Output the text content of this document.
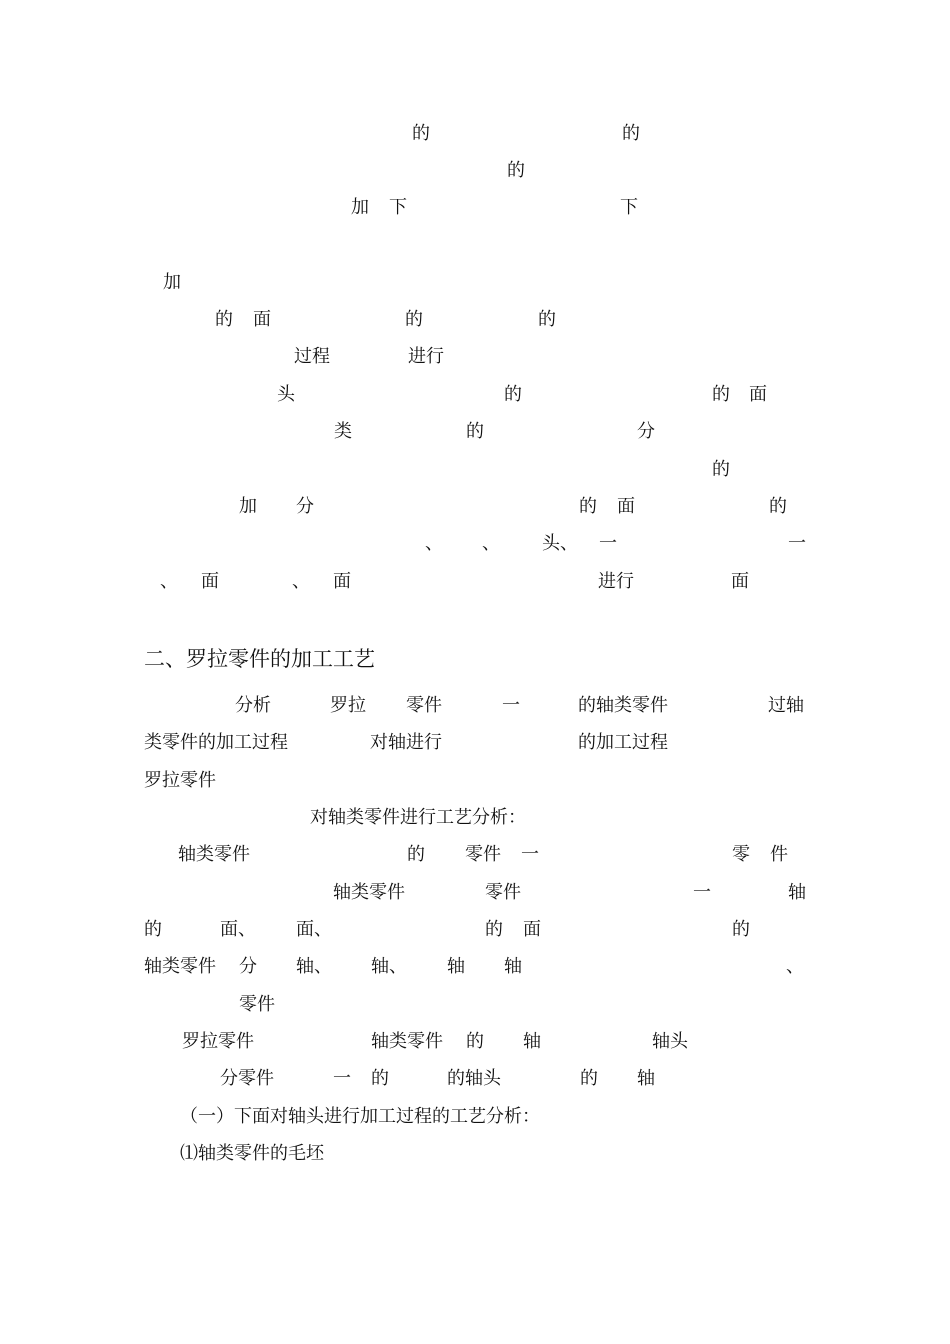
的	的
的
加 下	下
加
的 面	的	的
过程	进行
头	的	的 面
类	的	分
的
加 分	的 面	的
、 、 头、 一	一
、 面	、 面	进行	面
二、罗拉零件的加工工艺
分析	罗拉 零件	一	的轴类零件	过轴
类零件的加工过程	对轴进行	的加工过程
罗拉零件
对轴类零件进行工艺分析：
轴类零件	的 零件 一	零 件
轴类零件	零件	一	轴
的	面、 面、	的 面	的
轴类零件 分 轴、 轴、 轴 轴	、
零件
罗拉零件	轴类零件 的 轴	轴头
分零件	一 的	的轴头	的 轴
（一）下面对轴头进行加工过程的工艺分析：
⑴轴类零件的毛坯
